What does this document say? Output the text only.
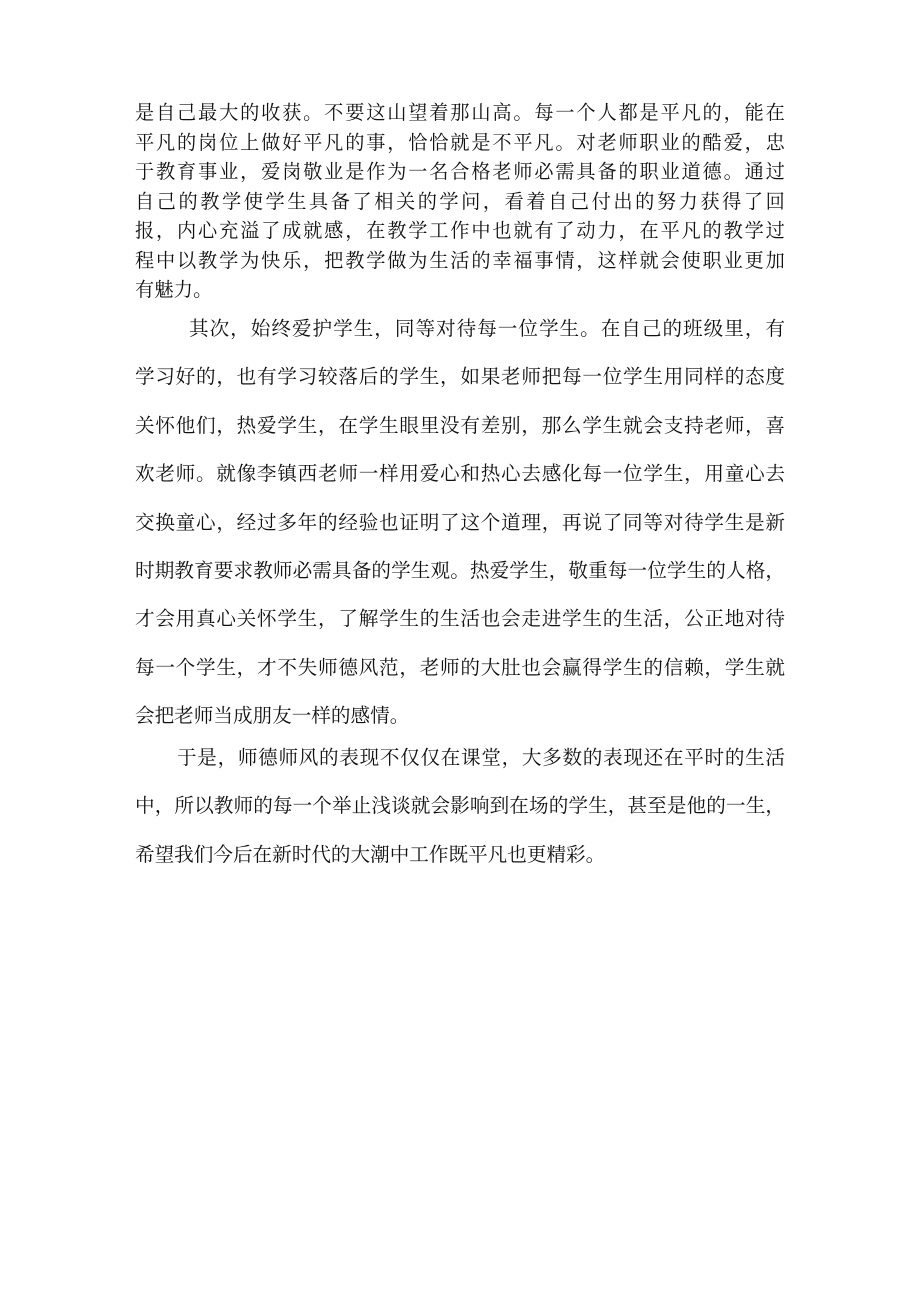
是自己最大的收获。不要这山望着那山高。每一个人都是平凡的，能在
平凡的岗位上做好平凡的事，恰恰就是不平凡。对老师职业的酷爱，忠
于教育事业，爱岗敬业是作为一名合格老师必需具备的职业道德。通过
自己的教学使学生具备了相关的学问，看着自己付出的努力获得了回
报，内心充溢了成就感，在教学工作中也就有了动力，在平凡的教学过
程中以教学为快乐，把教学做为生活的幸福事情，这样就会使职业更加
有魅力。
其次，始终爱护学生，同等对待每一位学生。在自己的班级里，有
学习好的，也有学习较落后的学生，如果老师把每一位学生用同样的态度
关怀他们，热爱学生，在学生眼里没有差别，那么学生就会支持老师，喜
欢老师。就像李镇西老师一样用爱心和热心去感化每一位学生，用童心去
交换童心，经过多年的经验也证明了这个道理，再说了同等对待学生是新
时期教育要求教师必需具备的学生观。热爱学生，敬重每一位学生的人格，
才会用真心关怀学生，了解学生的生活也会走进学生的生活，公正地对待
每一个学生，才不失师德风范，老师的大肚也会赢得学生的信赖，学生就
会把老师当成朋友一样的感情。
于是，师德师风的表现不仅仅在课堂，大多数的表现还在平时的生活
中，所以教师的每一个举止浅谈就会影响到在场的学生，甚至是他的一生，
希望我们今后在新时代的大潮中工作既平凡也更精彩。
